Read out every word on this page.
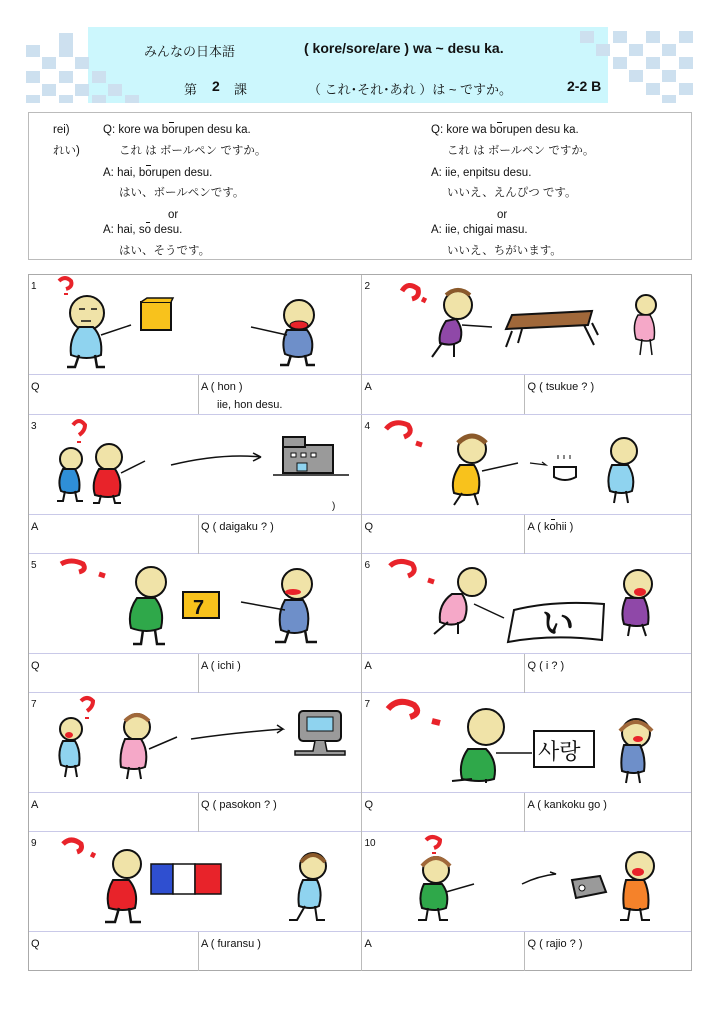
みんなの日本語	( kore/sore/are ) wa ~ desu ka.
第 2 課	（ これ･それ･あれ ）は ~ ですか。	2-2 B
rei)
れい)
Q: kore wa borupen desu ka.
これ は ボールペン ですか。
A: hai, borupen desu.
はい、ボールペンです。
or
A: hai, so desu.
はい、そうです。
Q: kore wa borupen desu ka.
これ は ボールペン ですか。
A: iie, enpitsu desu.
いいえ、えんぴつ です。
or
A: iie, chigai masu.
いいえ、ちがいます。
1
Q	A ( hon )
iie, hon desu.
2
A	Q ( tsukue ? )
3
)
A	Q ( daigaku ? )
4
Q	A ( kohii )
5
7
Q	A ( ichi )
6
い
A	Q ( i ? )
7
A	Q ( pasokon ? )
7
사랑
Q	A ( kankoku go )
9
Q	A ( furansu )
10
A	Q ( rajio ? )
